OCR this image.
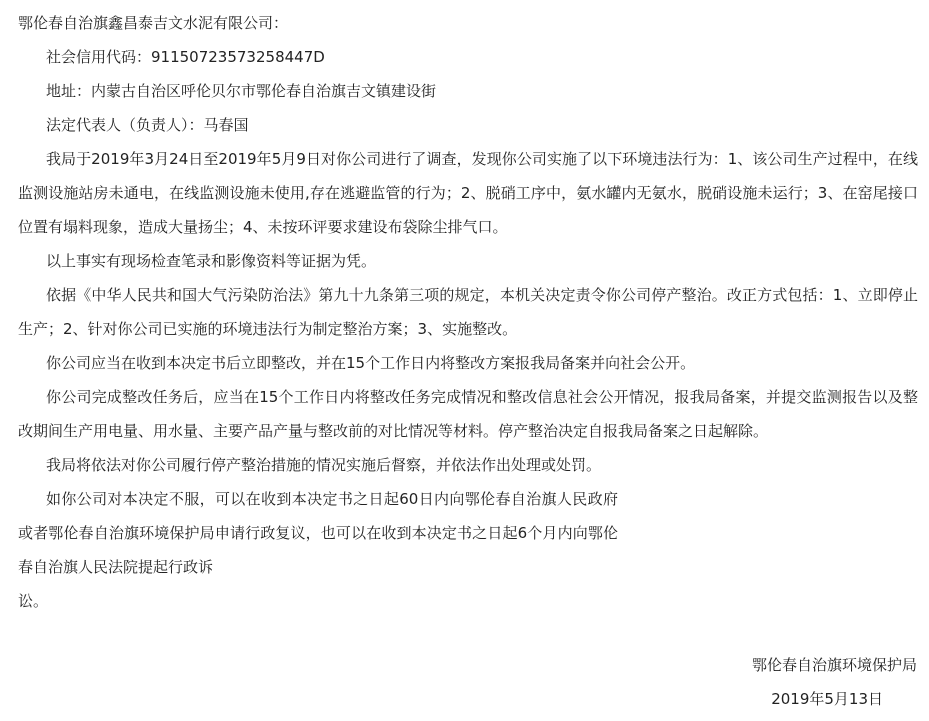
鄂伦春自治旗鑫昌泰吉文水泥有限公司：

社会信用代码：91150723573258447D

地址：内蒙古自治区呼伦贝尔市鄂伦春自治旗吉文镇建设街

法定代表人（负责人）：马春国

我局于2019年3月24日至2019年5月9日对你公司进行了调查，发现你公司实施了以下环境违法行为：1、该公司生产过程中，在线监测设施站房未通电，在线监测设施未使用,存在逃避监管的行为；2、脱硝工序中，氨水罐内无氨水，脱硝设施未运行；3、在窑尾接口位置有塌料现象，造成大量扬尘；4、未按环评要求建设布袋除尘排气口。

以上事实有现场检查笔录和影像资料等证据为凭。

依据《中华人民共和国大气污染防治法》第九十九条第三项的规定，本机关决定责令你公司停产整治。改正方式包括：1、立即停止生产；2、针对你公司已实施的环境违法行为制定整治方案；3、实施整改。

你公司应当在收到本决定书后立即整改，并在15个工作日内将整改方案报我局备案并向社会公开。

你公司完成整改任务后，应当在15个工作日内将整改任务完成情况和整改信息社会公开情况，报我局备案，并提交监测报告以及整改期间生产用电量、用水量、主要产品产量与整改前的对比情况等材料。停产整治决定自报我局备案之日起解除。

我局将依法对你公司履行停产整治措施的情况实施后督察，并依法作出处理或处罚。

如你公司对本决定不服，可以在收到本决定书之日起60日内向鄂伦春自治旗人民政府或者鄂伦春自治旗环境保护局申请行政复议，也可以在收到本决定书之日起6个月内向鄂伦春自治旗人民法院提起行政诉

讼。

鄂伦春自治旗环境保护局
2019年5月13日
